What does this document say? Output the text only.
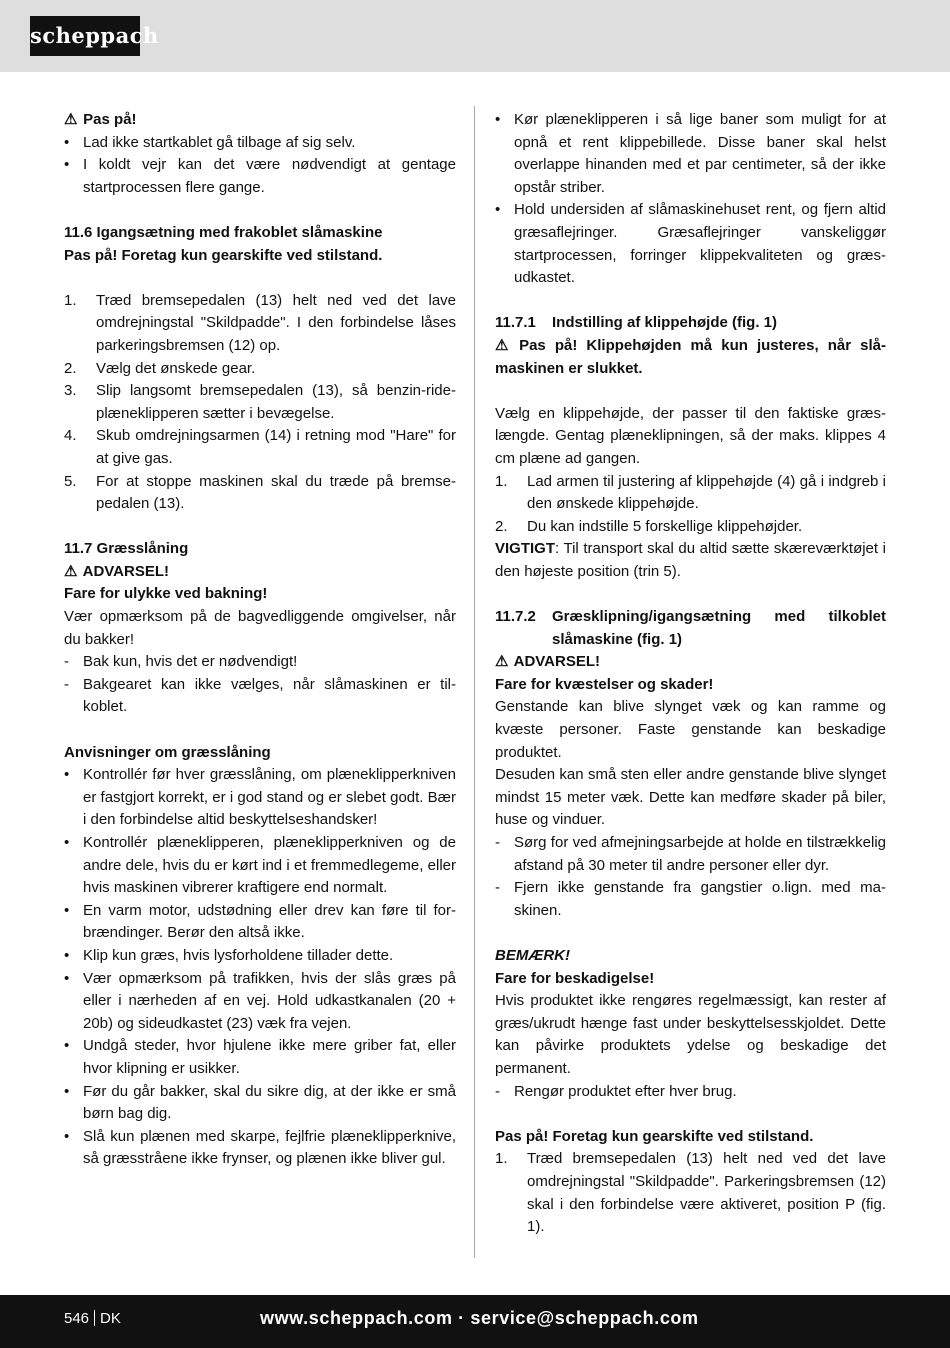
scheppach

⚠ Pas på!

• Lad ikke startkablet gå tilbage af sig selv.
• I koldt vejr kan det være nødvendigt at gentage startprocessen flere gange.

11.6 Igangsætning med frakoblet slåmaskine

Pas på! Foretag kun gearskifte ved stilstand.

1. Træd bremsepedalen (13) helt ned ved det lave omdrejningstal "Skildpadde". I den forbindelse låses parkeringsbremsen (12) op.
2. Vælg det ønskede gear.
3. Slip langsomt bremsepedalen (13), så benzin-rideplæneklipperen sætter i bevægelse.
4. Skub omdrejningsarmen (14) i retning mod "Hare" for at give gas.
5. For at stoppe maskinen skal du træde på bremsepedalen (13).

11.7 Græsslåning

⚠ ADVARSEL!

Fare for ulykke ved bakning!

Vær opmærksom på de bagvedliggende omgivelser, når du bakker!

- Bak kun, hvis det er nødvendigt!
- Bakgearet kan ikke vælges, når slåmaskinen er tilkoblet.

Anvisninger om græsslåning

• Kontrollér før hver græsslåning, om plæneklipperkniven er fastgjort korrekt, er i god stand og er slebet godt. Bær i den forbindelse altid beskyttelseshandsker!
• Kontrollér plæneklipperen, plæneklipperkniven og de andre dele, hvis du er kørt ind i et fremmedlegeme, eller hvis maskinen vibrerer kraftigere end normalt.
• En varm motor, udstødning eller drev kan føre til forbrændinger. Berør den altså ikke.
• Klip kun græs, hvis lysforholdene tillader dette.
• Vær opmærksom på trafikken, hvis der slås græs på eller i nærheden af en vej. Hold udkastkanalen (20 + 20b) og sideudkastet (23) væk fra vejen.
• Undgå steder, hvor hjulene ikke mere griber fat, eller hvor klipning er usikker.
• Før du går bakker, skal du sikre dig, at der ikke er små børn bag dig.
• Slå kun plænen med skarpe, fejlfrie plæneklipperknive, så græsstråene ikke frynser, og plænen ikke bliver gul.
• Kør plæneklipperen i så lige baner som muligt for at opnå et rent klippebillede. Disse baner skal helst overlappe hinanden med et par centimeter, så der ikke opstår striber.
• Hold undersiden af slåmaskinehuset rent, og fjern altid græsaflejringer. Græsaflejringer vanskeliggør startprocessen, forringer klippekvaliteten og græsudkastet.
11.7.1 Indstilling af klippehøjde (fig. 1)

⚠ Pas på! Klippehøjden må kun justeres, når slåmaskinen er slukket.

Vælg en klippehøjde, der passer til den faktiske græslængde. Gentag plæneklipningen, så der maks. klippes 4 cm plæne ad gangen.

1. Lad armen til justering af klippehøjde (4) gå i indgreb i den ønskede klippehøjde.
2. Du kan indstille 5 forskellige klippehøjder.

VIGTIGT: Til transport skal du altid sætte skæreværktøjet i den højeste position (trin 5).

11.7.2 Græsklipning/igangsætning med tilkoblet slåmaskine (fig. 1)

⚠ ADVARSEL!

Fare for kvæstelser og skader!

Genstande kan blive slynget væk og kan ramme og kvæste personer. Faste genstande kan beskadige produktet.

Desuden kan små sten eller andre genstande blive slynget mindst 15 meter væk. Dette kan medføre skader på biler, huse og vinduer.

- Sørg for ved afmejningsarbejde at holde en tilstrækkelig afstand på 30 meter til andre personer eller dyr.
- Fjern ikke genstande fra gangstier o.lign. med maskinen.

BEMÆRK!

Fare for beskadigelse!

Hvis produktet ikke rengøres regelmæssigt, kan rester af græs/ukrudt hænge fast under beskyttelsesskjoldet. Dette kan påvirke produktets ydelse og beskadige det permanent.

- Rengør produktet efter hver brug.

Pas på! Foretag kun gearskifte ved stilstand.

1. Træd bremsepedalen (13) helt ned ved det lave omdrejningstal "Skildpadde". Parkeringsbremsen (12) skal i den forbindelse være aktiveret, position P (fig. 1).
546 DK	www.scheppach.com · service@scheppach.com
